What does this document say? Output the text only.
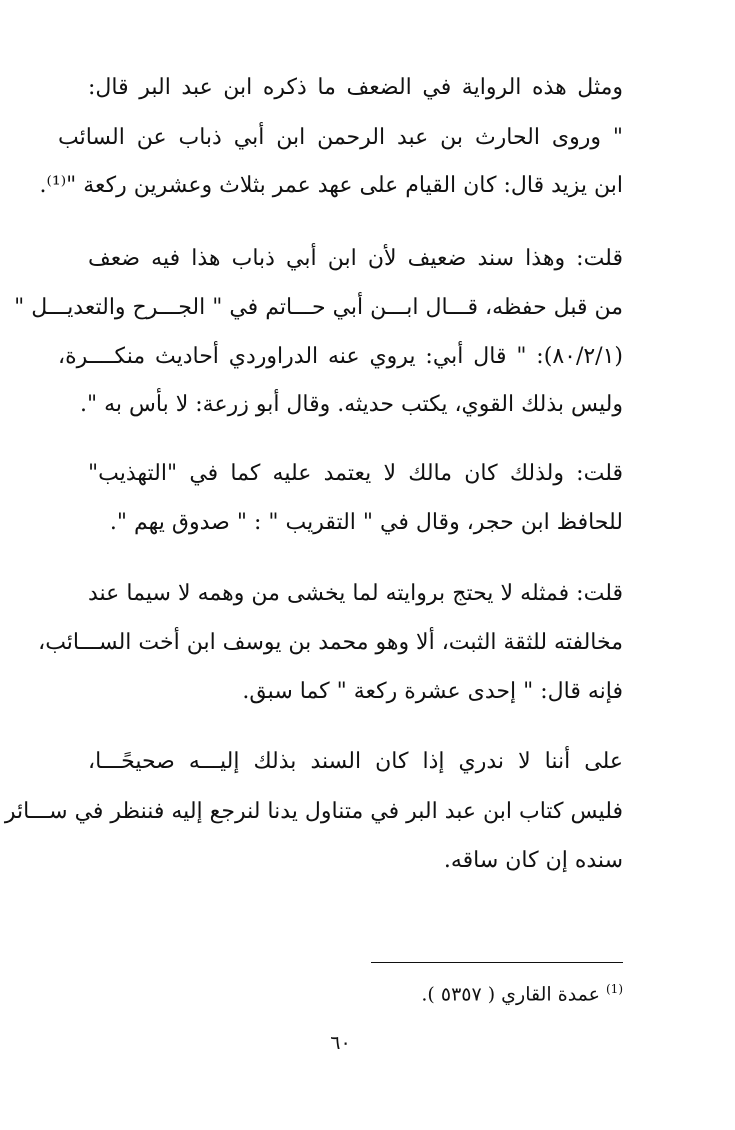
ومثل هذه الرواية في الضعف ما ذكره ابن عبد البر قال:
" وروى الحارث بن عبد الرحمن ابن أبي ذباب عن السائب
ابن يزيد قال: كان القيام على عهد عمر بثلاث وعشرين ركعة "⁽¹⁾.
قلت: وهذا سند ضعيف لأن ابن أبي ذباب هذا فيه ضعف
من قبل حفظه، قـــال ابـــن أبي حـــاتم في " الجـــرح والتعديـــل "
(٨٠/٢/١): " قال أبي: يروي عنه الدراوردي أحاديث منكــــرة،
وليس بذلك القوي، يكتب حديثه. وقال أبو زرعة: لا بأس به ".
قلت: ولذلك كان مالك لا يعتمد عليه كما في "التهذيب"
للحافظ ابن حجر، وقال في " التقريب " : " صدوق يهم ".
قلت: فمثله لا يحتج بروايته لما يخشى من وهمه لا سيما عند
مخالفته للثقة الثبت، ألا وهو محمد بن يوسف ابن أخت الســـائب،
فإنه قال: " إحدى عشرة ركعة " كما سبق.
على أننا لا ندري إذا كان السند بذلك إليـــه صحيحًـــا،
فليس كتاب ابن عبد البر في متناول يدنا لنرجع إليه فننظر في ســـائر
سنده إن كان ساقه.
$^{(1)}$عمدة القاري ( ٥٣٥٧ ).
٦٠
